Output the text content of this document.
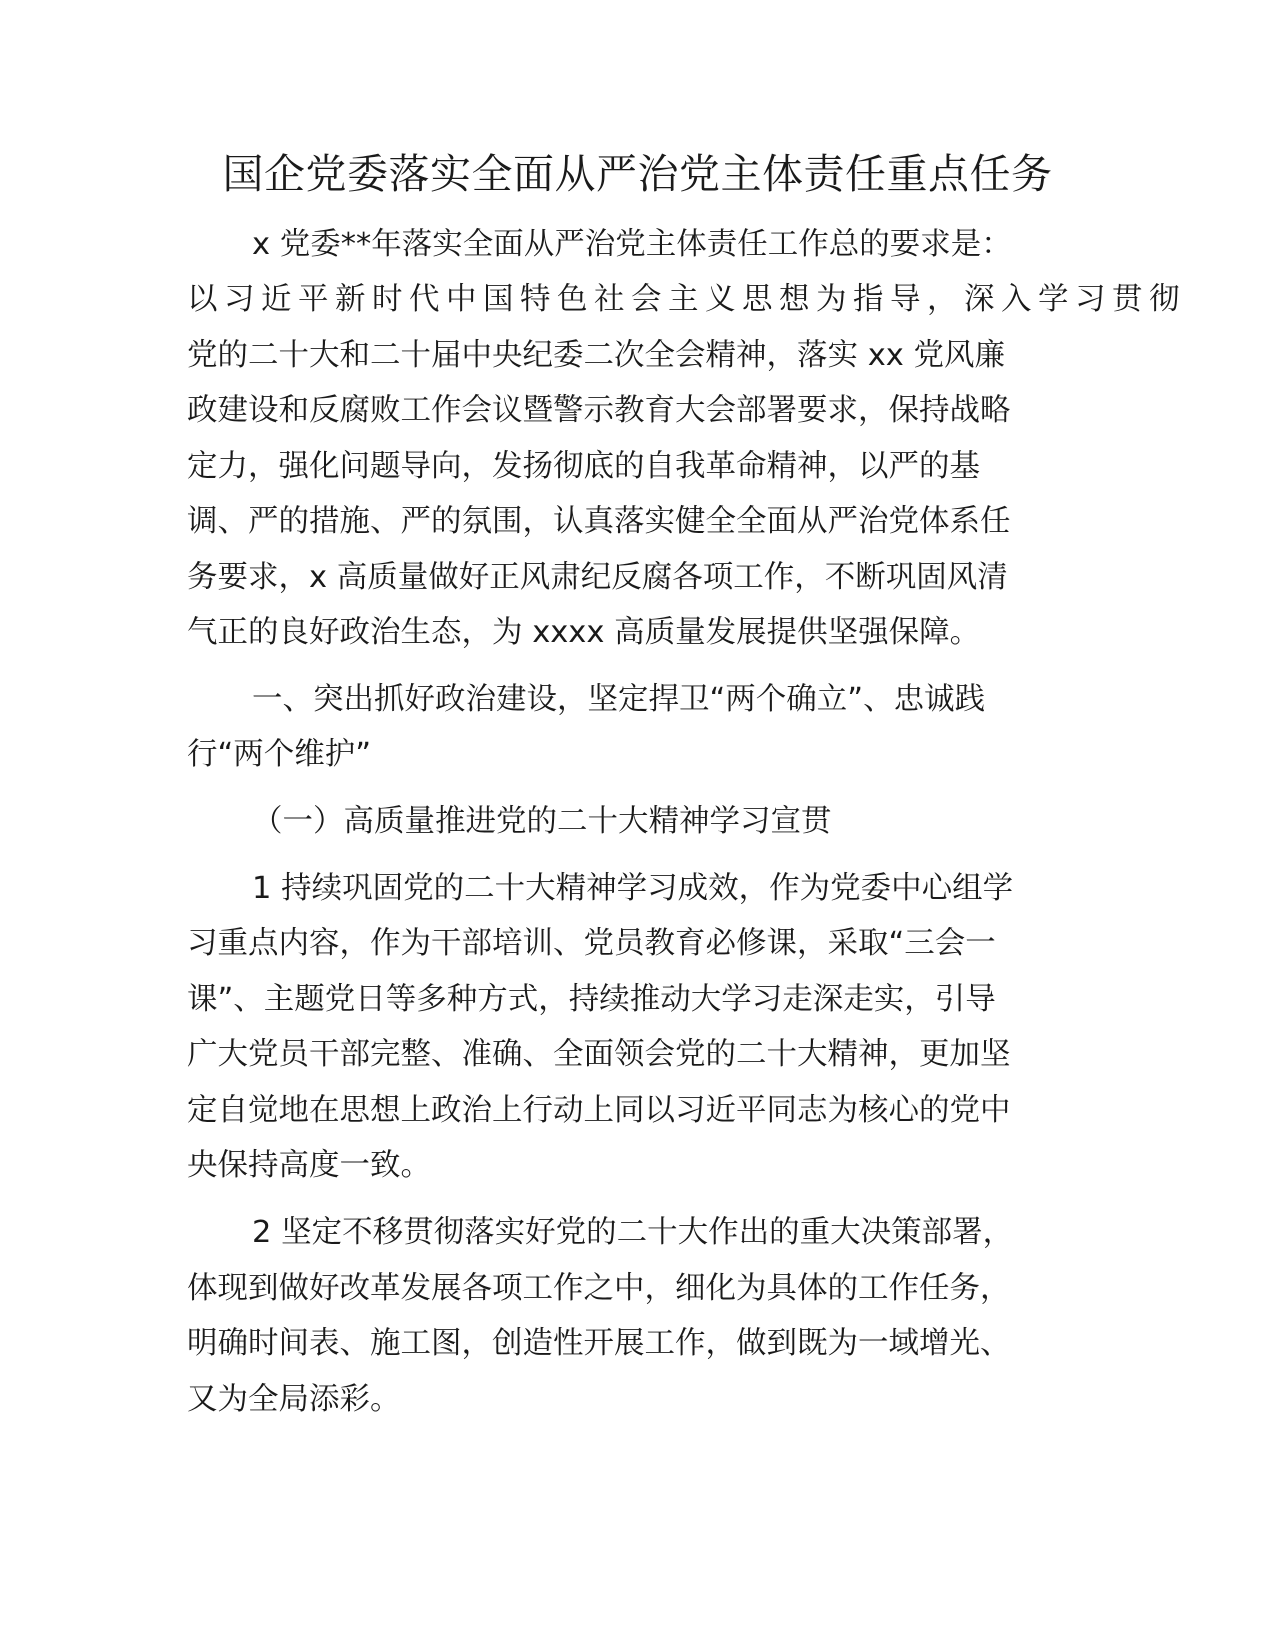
国企党委落实全面从严治党主体责任重点任务
x 党委**年落实全面从严治党主体责任工作总的要求是：
以习近平新时代中国特色社会主义思想为指导，深入学习贯彻
党的二十大和二十届中央纪委二次全会精神，落实 xx 党风廉
政建设和反腐败工作会议暨警示教育大会部署要求，保持战略
定力，强化问题导向，发扬彻底的自我革命精神，以严的基
调、严的措施、严的氛围，认真落实健全全面从严治党体系任
务要求，x 高质量做好正风肃纪反腐各项工作，不断巩固风清
气正的良好政治生态，为 xxxx 高质量发展提供坚强保障。
一、突出抓好政治建设，坚定捍卫“两个确立”、忠诚践
行“两个维护”
（一）高质量推进党的二十大精神学习宣贯
1 持续巩固党的二十大精神学习成效，作为党委中心组学
习重点内容，作为干部培训、党员教育必修课，采取“三会一
课”、主题党日等多种方式，持续推动大学习走深走实，引导
广大党员干部完整、准确、全面领会党的二十大精神，更加坚
定自觉地在思想上政治上行动上同以习近平同志为核心的党中
央保持高度一致。
2 坚定不移贯彻落实好党的二十大作出的重大决策部署，
体现到做好改革发展各项工作之中，细化为具体的工作任务，
明确时间表、施工图，创造性开展工作，做到既为一域增光、
又为全局添彩。
